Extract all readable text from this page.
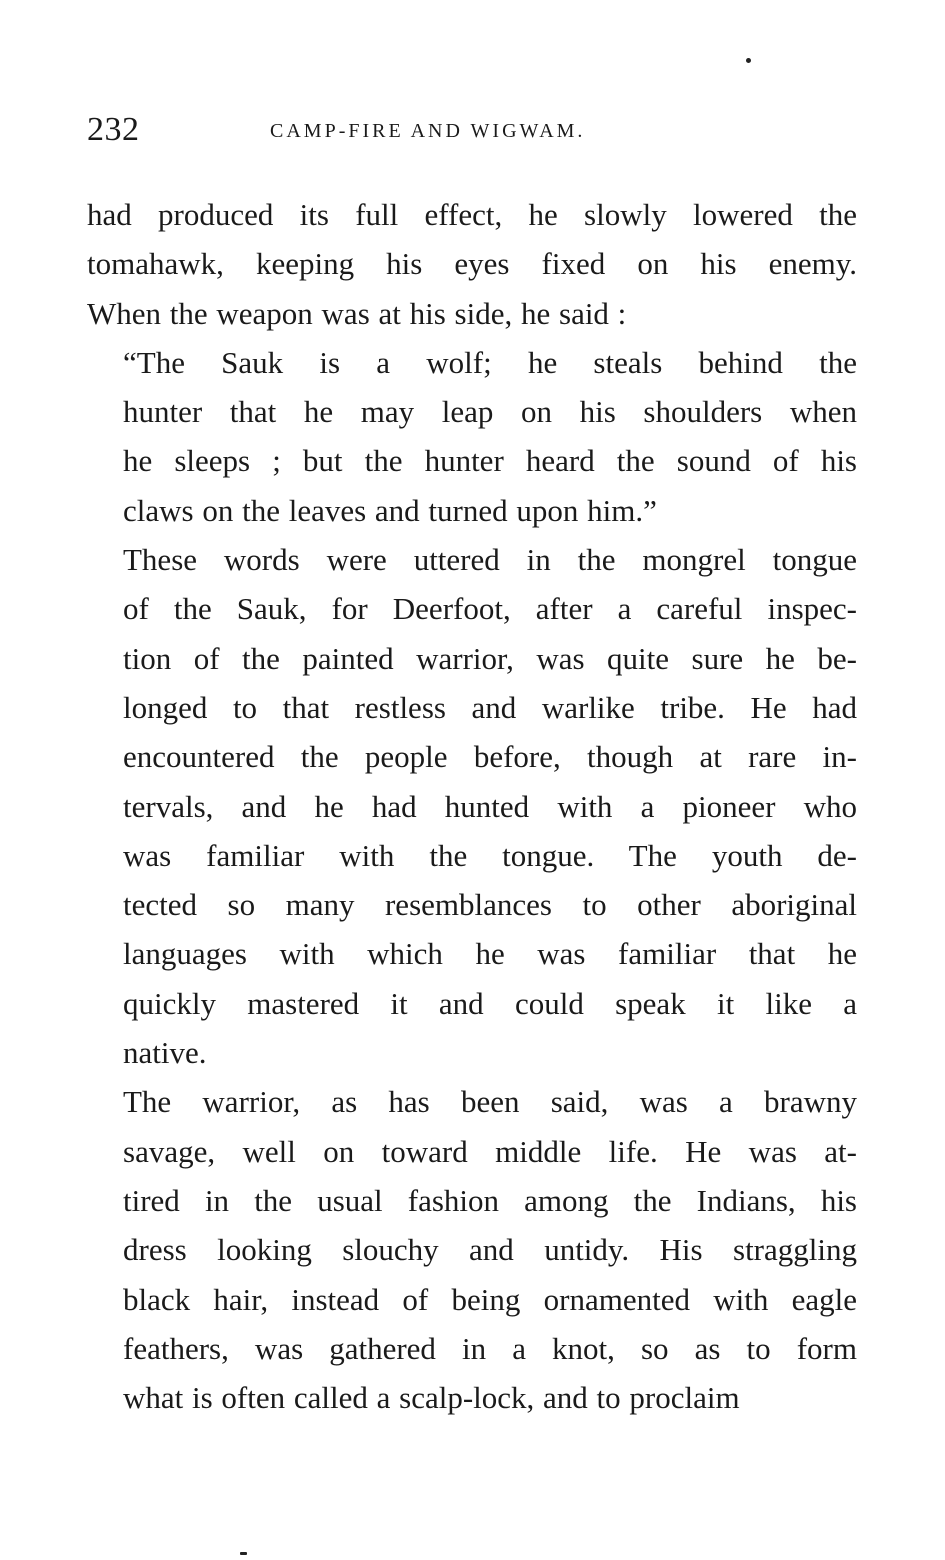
232	CAMP-FIRE AND WIGWAM.

had produced its full effect, he slowly lowered the
tomahawk, keeping his eyes fixed on his enemy.
When the weapon was at his side, he said :

“The Sauk is a wolf; he steals behind the
hunter that he may leap on his shoulders when
he sleeps ; but the hunter heard the sound of his
claws on the leaves and turned upon him.”

These words were uttered in the mongrel tongue
of the Sauk, for Deerfoot, after a careful inspec-
tion of the painted warrior, was quite sure he be-
longed to that restless and warlike tribe. He had
encountered the people before, though at rare in-
tervals, and he had hunted with a pioneer who
was familiar with the tongue. The youth de-
tected so many resemblances to other aboriginal
languages with which he was familiar that he
quickly mastered it and could speak it like a
native.

The warrior, as has been said, was a brawny
savage, well on toward middle life. He was at-
tired in the usual fashion among the Indians, his
dress looking slouchy and untidy. His straggling
black hair, instead of being ornamented with eagle
feathers, was gathered in a knot, so as to form
what is often called a scalp-lock, and to proclaim
